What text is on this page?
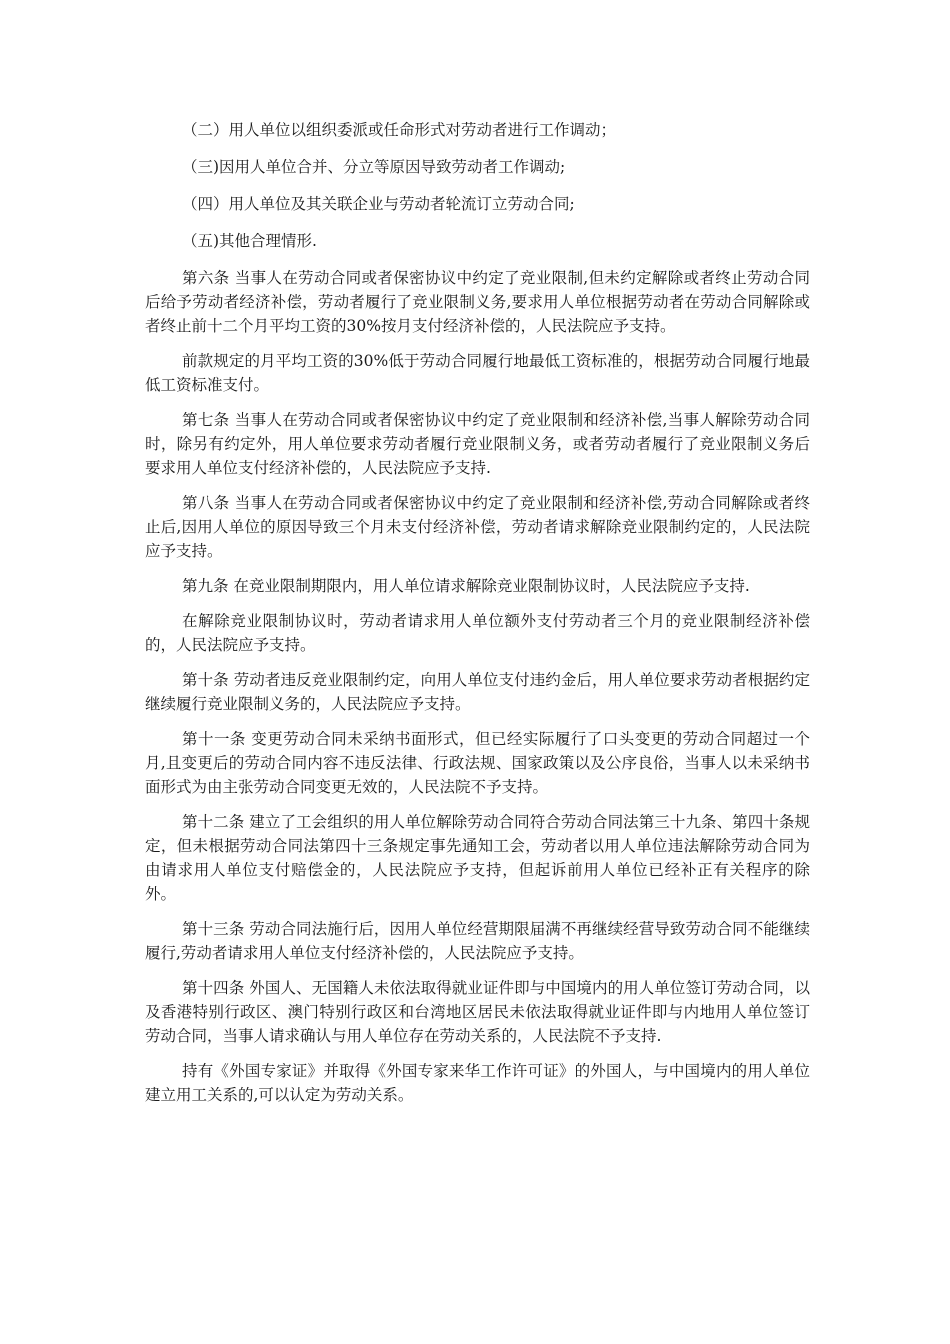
（二）用人单位以组织委派或任命形式对劳动者进行工作调动；

（三)因用人单位合并、分立等原因导致劳动者工作调动;

（四）用人单位及其关联企业与劳动者轮流订立劳动合同;

（五)其他合理情形.

第六条 当事人在劳动合同或者保密协议中约定了竞业限制,但未约定解除或者终止劳动合同后给予劳动者经济补偿，劳动者履行了竞业限制义务,要求用人单位根据劳动者在劳动合同解除或者终止前十二个月平均工资的30%按月支付经济补偿的，人民法院应予支持。

前款规定的月平均工资的30%低于劳动合同履行地最低工资标准的，根据劳动合同履行地最低工资标准支付。

第七条 当事人在劳动合同或者保密协议中约定了竞业限制和经济补偿,当事人解除劳动合同时，除另有约定外，用人单位要求劳动者履行竞业限制义务，或者劳动者履行了竞业限制义务后要求用人单位支付经济补偿的，人民法院应予支持.

第八条 当事人在劳动合同或者保密协议中约定了竞业限制和经济补偿,劳动合同解除或者终止后,因用人单位的原因导致三个月未支付经济补偿，劳动者请求解除竞业限制约定的，人民法院应予支持。

第九条 在竞业限制期限内，用人单位请求解除竞业限制协议时，人民法院应予支持.

在解除竞业限制协议时，劳动者请求用人单位额外支付劳动者三个月的竞业限制经济补偿的，人民法院应予支持。

第十条 劳动者违反竞业限制约定，向用人单位支付违约金后，用人单位要求劳动者根据约定继续履行竞业限制义务的，人民法院应予支持。

第十一条 变更劳动合同未采纳书面形式，但已经实际履行了口头变更的劳动合同超过一个月,且变更后的劳动合同内容不违反法律、行政法规、国家政策以及公序良俗，当事人以未采纳书面形式为由主张劳动合同变更无效的，人民法院不予支持。

第十二条 建立了工会组织的用人单位解除劳动合同符合劳动合同法第三十九条、第四十条规定，但未根据劳动合同法第四十三条规定事先通知工会，劳动者以用人单位违法解除劳动合同为由请求用人单位支付赔偿金的，人民法院应予支持，但起诉前用人单位已经补正有关程序的除外。

第十三条 劳动合同法施行后，因用人单位经营期限届满不再继续经营导致劳动合同不能继续履行,劳动者请求用人单位支付经济补偿的，人民法院应予支持。

第十四条 外国人、无国籍人未依法取得就业证件即与中国境内的用人单位签订劳动合同，以及香港特别行政区、澳门特别行政区和台湾地区居民未依法取得就业证件即与内地用人单位签订劳动合同，当事人请求确认与用人单位存在劳动关系的，人民法院不予支持.

持有《外国专家证》并取得《外国专家来华工作许可证》的外国人，与中国境内的用人单位建立用工关系的,可以认定为劳动关系。
